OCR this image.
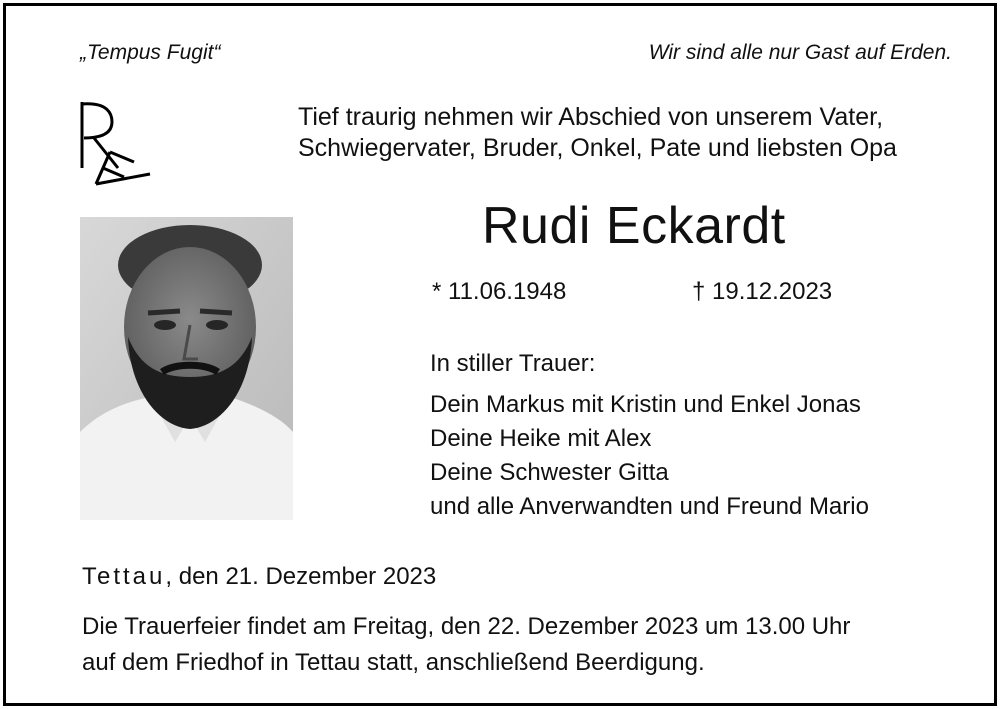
„Tempus Fugit“	Wir sind alle nur Gast auf Erden.
Tief traurig nehmen wir Abschied von unserem Vater,
Schwiegervater, Bruder, Onkel, Pate und liebsten Opa
Rudi Eckardt
* 11.06.1948	† 19.12.2023
In stiller Trauer:
Dein Markus mit Kristin und Enkel Jonas
Deine Heike mit Alex
Deine Schwester Gitta
und alle Anverwandten und Freund Mario
Tettau, den 21. Dezember 2023
Die Trauerfeier findet am Freitag, den 22. Dezember 2023 um 13.00 Uhr
auf dem Friedhof in Tettau statt, anschließend Beerdigung.
